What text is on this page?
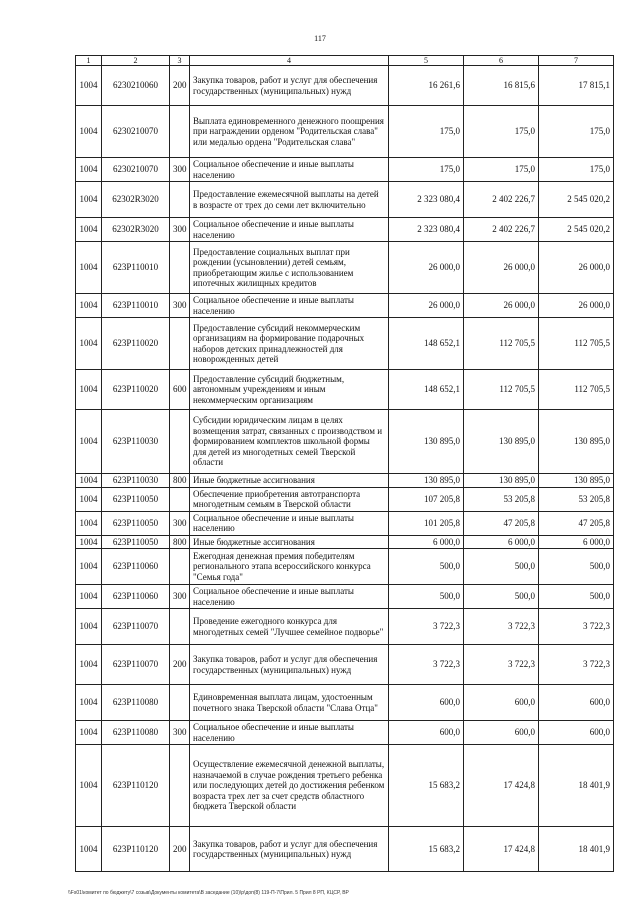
117
1	2	3	4	5	6	7
1004	6230210060	200	Закупка товаров, работ и услуг для обеспечения государственных (муниципальных) нужд	16 261,6	16 815,6	17 815,1
1004	6230210070		Выплата единовременного денежного поощрения при награждении орденом "Родительская слава" или медалью ордена "Родительская слава"	175,0	175,0	175,0
1004	6230210070	300	Социальное обеспечение и иные выплаты населению	175,0	175,0	175,0
1004	62302R3020		Предоставление ежемесячной выплаты на детей в возрасте от трех до семи лет включительно	2 323 080,4	2 402 226,7	2 545 020,2
1004	62302R3020	300	Социальное обеспечение и иные выплаты населению	2 323 080,4	2 402 226,7	2 545 020,2
1004	623P110010		Предоставление социальных выплат при рождении (усыновлении) детей семьям, приобретающим жилье с использованием ипотечных жилищных кредитов	26 000,0	26 000,0	26 000,0
1004	623P110010	300	Социальное обеспечение и иные выплаты населению	26 000,0	26 000,0	26 000,0
1004	623P110020		Предоставление субсидий некоммерческим организациям на формирование подарочных наборов детских принадлежностей для новорожденных детей	148 652,1	112 705,5	112 705,5
1004	623P110020	600	Предоставление субсидий бюджетным, автономным учреждениям и иным некоммерческим организациям	148 652,1	112 705,5	112 705,5
1004	623P110030		Субсидии юридическим лицам в целях возмещения затрат, связанных с производством и формированием комплектов школьной формы для детей из многодетных семей Тверской области	130 895,0	130 895,0	130 895,0
1004	623P110030	800	Иные бюджетные ассигнования	130 895,0	130 895,0	130 895,0
1004	623P110050		Обеспечение приобретения автотранспорта многодетным семьям в Тверской области	107 205,8	53 205,8	53 205,8
1004	623P110050	300	Социальное обеспечение и иные выплаты населению	101 205,8	47 205,8	47 205,8
1004	623P110050	800	Иные бюджетные ассигнования	6 000,0	6 000,0	6 000,0
1004	623P110060		Ежегодная денежная премия победителям регионального этапа всероссийского конкурса "Семья года"	500,0	500,0	500,0
1004	623P110060	300	Социальное обеспечение и иные выплаты населению	500,0	500,0	500,0
1004	623P110070		Проведение ежегодного конкурса для многодетных семей "Лучшее семейное подворье"	3 722,3	3 722,3	3 722,3
1004	623P110070	200	Закупка товаров, работ и услуг для обеспечения государственных (муниципальных) нужд	3 722,3	3 722,3	3 722,3
1004	623P110080		Единовременная выплата лицам, удостоенным почетного знака Тверской области "Слава Отца"	600,0	600,0	600,0
1004	623P110080	300	Социальное обеспечение и иные выплаты населению	600,0	600,0	600,0
1004	623P110120		Осуществление ежемесячной денежной выплаты, назначаемой в случае рождения третьего ребенка или последующих детей до достижения ребенком возраста трех лет за счет средств областного бюджета Тверской области	15 683,2	17 424,8	18 401,9
1004	623P110120	200	Закупка товаров, работ и услуг для обеспечения государственных (муниципальных) нужд	15 683,2	17 424,8	18 401,9
\\Fs01\комитет по бюджету\7 созыв\Документы комитета\В заседание (10)\р\доп(8) 119-П-7\Прил. 5 Прил 8 РП, КЦСР, ВР
